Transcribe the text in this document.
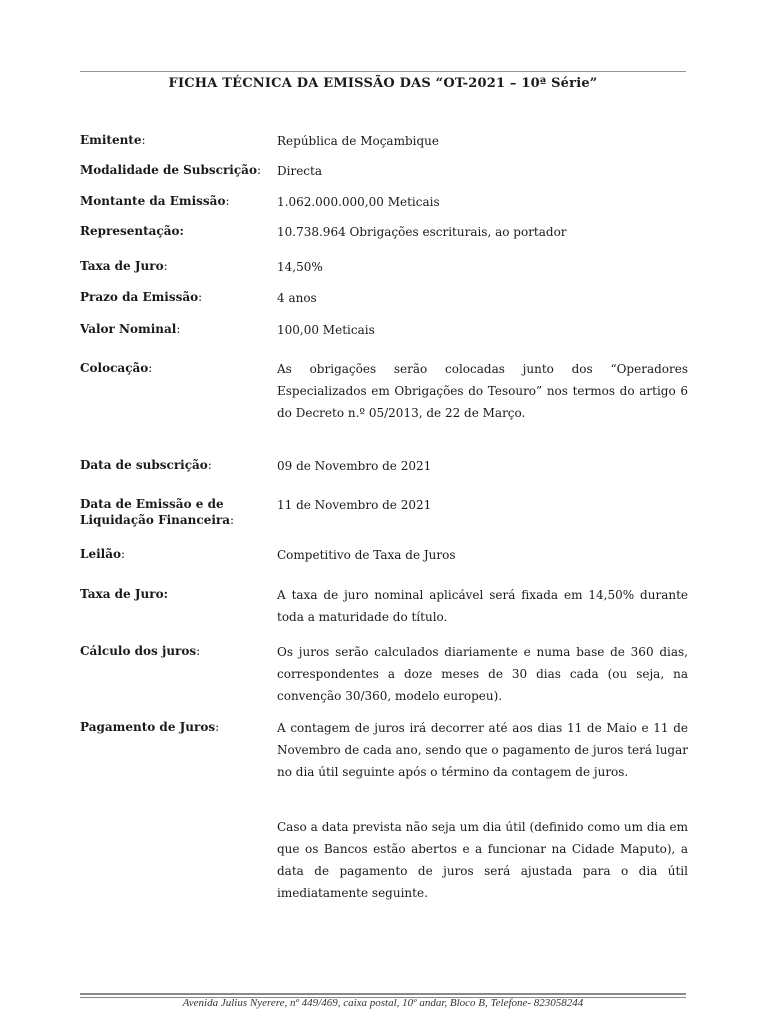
FICHA TÉCNICA DA EMISSÃO DAS “OT-2021 – 10ª Série”
Emitente:	República de Moçambique
Modalidade de Subscrição:	Directa
Montante da Emissão:	1.062.000.000,00 Meticais
Representação:	10.738.964 Obrigações escriturais, ao portador
Taxa de Juro:	14,50%
Prazo da Emissão:	4 anos
Valor Nominal:	100,00 Meticais
Colocação:	As obrigações serão colocadas junto dos “Operadores Especializados em Obrigações do Tesouro” nos termos do artigo 6 do Decreto n.º 05/2013, de 22 de Março.
Data de subscrição:	09 de Novembro de 2021
Data de Emissão e de Liquidação Financeira:
11 de Novembro de 2021
Leilão:	Competitivo de Taxa de Juros
Taxa de Juro:	A taxa de juro nominal aplicável será fixada em 14,50% durante toda a maturidade do título.
Cálculo dos juros:	Os juros serão calculados diariamente e numa base de 360 dias, correspondentes a doze meses de 30 dias cada (ou seja, na convenção 30/360, modelo europeu).
Pagamento de Juros:	A contagem de juros irá decorrer até aos dias 11 de Maio e 11 de Novembro de cada ano, sendo que o pagamento de juros terá lugar no dia útil seguinte após o término da contagem de juros.
Caso a data prevista não seja um dia útil (definido como um dia em que os Bancos estão abertos e a funcionar na Cidade Maputo), a data de pagamento de juros será ajustada para o dia útil imediatamente seguinte.
Avenida Julius Nyerere, nº 449/469, caixa postal, 10º andar, Bloco B, Telefone- 823058244
